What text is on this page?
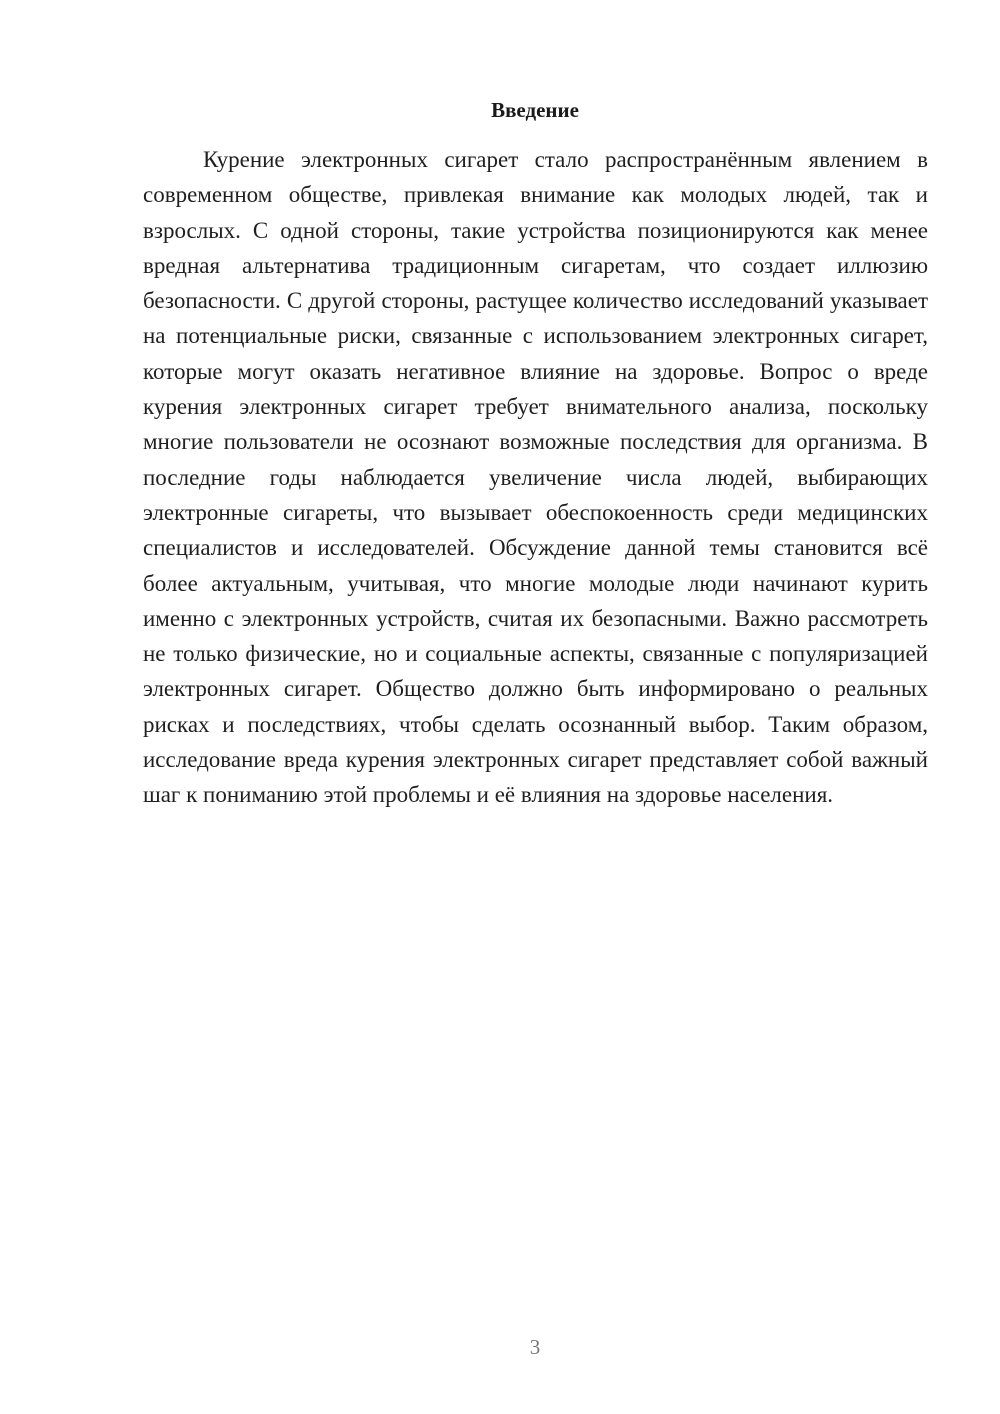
Введение

Курение электронных сигарет стало распространённым явлением в современном обществе, привлекая внимание как молодых людей, так и взрослых. С одной стороны, такие устройства позиционируются как менее вредная альтернатива традиционным сигаретам, что создает иллюзию безопасности. С другой стороны, растущее количество исследований указывает на потенциальные риски, связанные с использованием электронных сигарет, которые могут оказать негативное влияние на здоровье. Вопрос о вреде курения электронных сигарет требует внимательного анализа, поскольку многие пользователи не осознают возможные последствия для организма. В последние годы наблюдается увеличение числа людей, выбирающих электронные сигареты, что вызывает обеспокоенность среди медицинских специалистов и исследователей. Обсуждение данной темы становится всё более актуальным, учитывая, что многие молодые люди начинают курить именно с электронных устройств, считая их безопасными. Важно рассмотреть не только физические, но и социальные аспекты, связанные с популяризацией электронных сигарет. Общество должно быть информировано о реальных рисках и последствиях, чтобы сделать осознанный выбор. Таким образом, исследование вреда курения электронных сигарет представляет собой важный шаг к пониманию этой проблемы и её влияния на здоровье населения.

3
